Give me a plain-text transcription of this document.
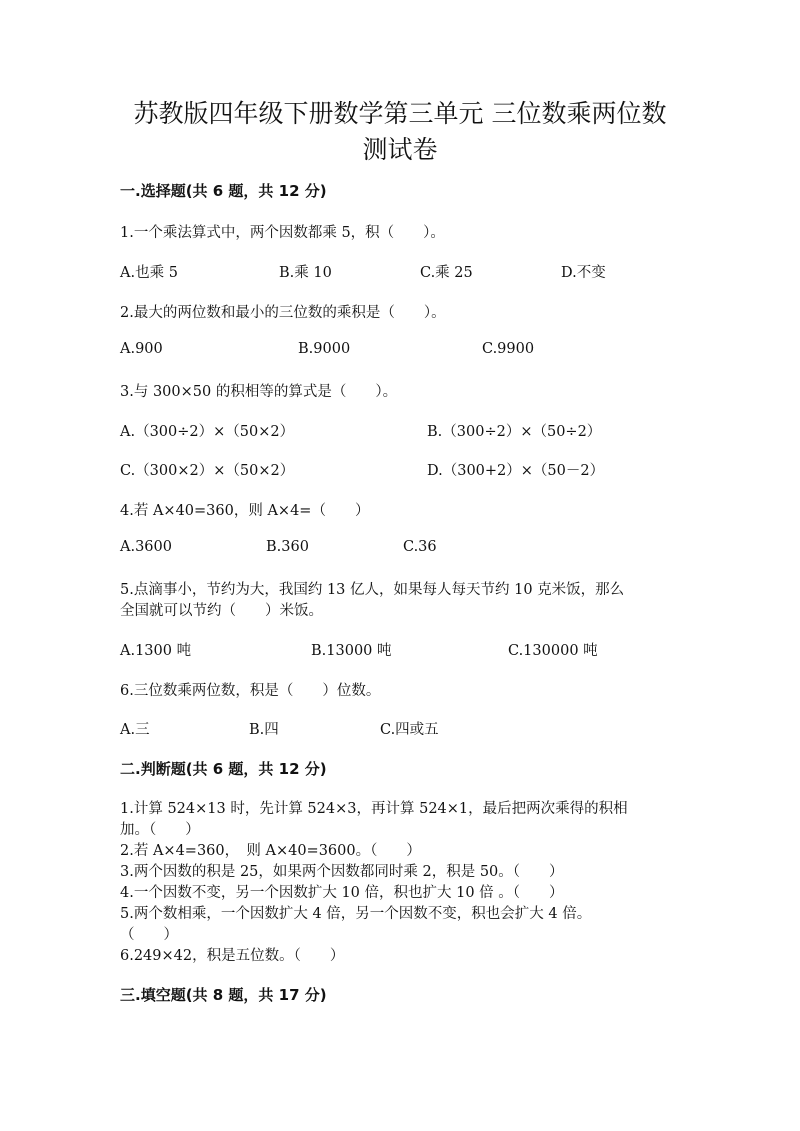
苏教版四年级下册数学第三单元 三位数乘两位数
测试卷
一.选择题(共 6 题，共 12 分)
1.一个乘法算式中，两个因数都乘 5，积（　　）。
A.也乘 5	B.乘 10	C.乘 25	D.不变
2.最大的两位数和最小的三位数的乘积是（　　）。
A.900	B.9000	C.9900
3.与 300×50 的积相等的算式是（　　）。
A.（300÷2）×（50×2）	B.（300÷2）×（50÷2）
C.（300×2）×（50×2）	D.（300+2）×（50－2）
4.若 A×40=360，则 A×4=（　　）
A.3600	B.360	C.36
5.点滴事小，节约为大，我国约 13 亿人，如果每人每天节约 10 克米饭，那么
全国就可以节约（　　）米饭。
A.1300 吨	B.13000 吨	C.130000 吨
6.三位数乘两位数，积是（　　）位数。
A.三	B.四	C.四或五
二.判断题(共 6 题，共 12 分)
1.计算 524×13 时，先计算 524×3，再计算 524×1，最后把两次乘得的积相
加。（　　）
2.若 A×4=360，　则 A×40=3600。（　　）
3.两个因数的积是 25，如果两个因数都同时乘 2，积是 50。（　　）
4.一个因数不变，另一个因数扩大 10 倍，积也扩大 10 倍 。（　　）
5.两个数相乘，一个因数扩大 4 倍，另一个因数不变，积也会扩大 4 倍。
（　　）
6.249×42，积是五位数。（　　）
三.填空题(共 8 题，共 17 分)
